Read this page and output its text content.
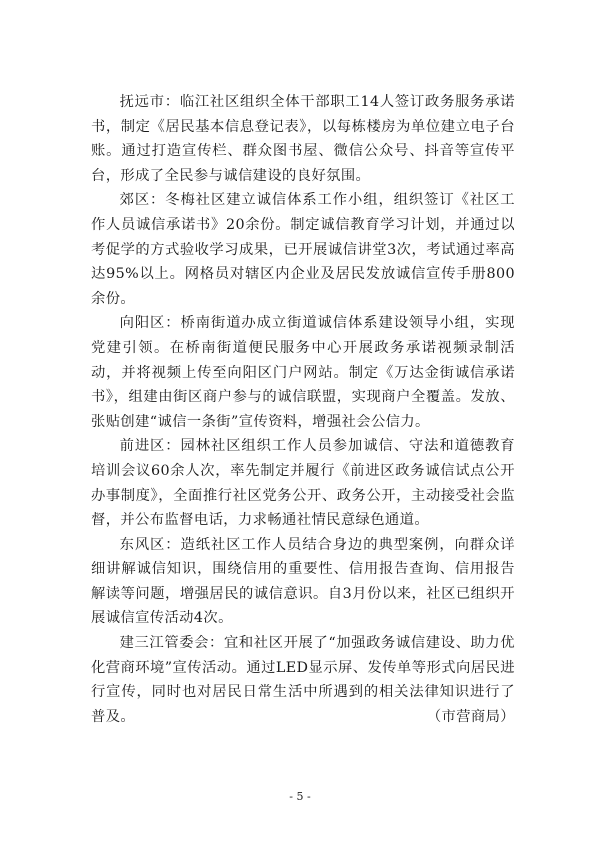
抚远市：临江社区组织全体干部职工14人签订政务服务承诺书，制定《居民基本信息登记表》，以每栋楼房为单位建立电子台账。通过打造宣传栏、群众图书屋、微信公众号、抖音等宣传平台，形成了全民参与诚信建设的良好氛围。

郊区：冬梅社区建立诚信体系工作小组，组织签订《社区工作人员诚信承诺书》20余份。制定诚信教育学习计划，并通过以考促学的方式验收学习成果，已开展诚信讲堂3次，考试通过率高达95%以上。网格员对辖区内企业及居民发放诚信宣传手册800余份。

向阳区：桥南街道办成立街道诚信体系建设领导小组，实现党建引领。在桥南街道便民服务中心开展政务承诺视频录制活动，并将视频上传至向阳区门户网站。制定《万达金街诚信承诺书》，组建由街区商户参与的诚信联盟，实现商户全覆盖。发放、张贴创建“诚信一条街”宣传资料，增强社会公信力。

前进区：园林社区组织工作人员参加诚信、守法和道德教育培训会议60余人次，率先制定并履行《前进区政务诚信试点公开办事制度》，全面推行社区党务公开、政务公开，主动接受社会监督，并公布监督电话，力求畅通社情民意绿色通道。

东风区：造纸社区工作人员结合身边的典型案例，向群众详细讲解诚信知识，围绕信用的重要性、信用报告查询、信用报告解读等问题，增强居民的诚信意识。自3月份以来，社区已组织开展诚信宣传活动4次。

建三江管委会：宜和社区开展了“加强政务诚信建设、助力优化营商环境”宣传活动。通过LED显示屏、发传单等形式向居民进行宣传，同时也对居民日常生活中所遇到的相关法律知识进行了普及。	（市营商局）

- 5 -
